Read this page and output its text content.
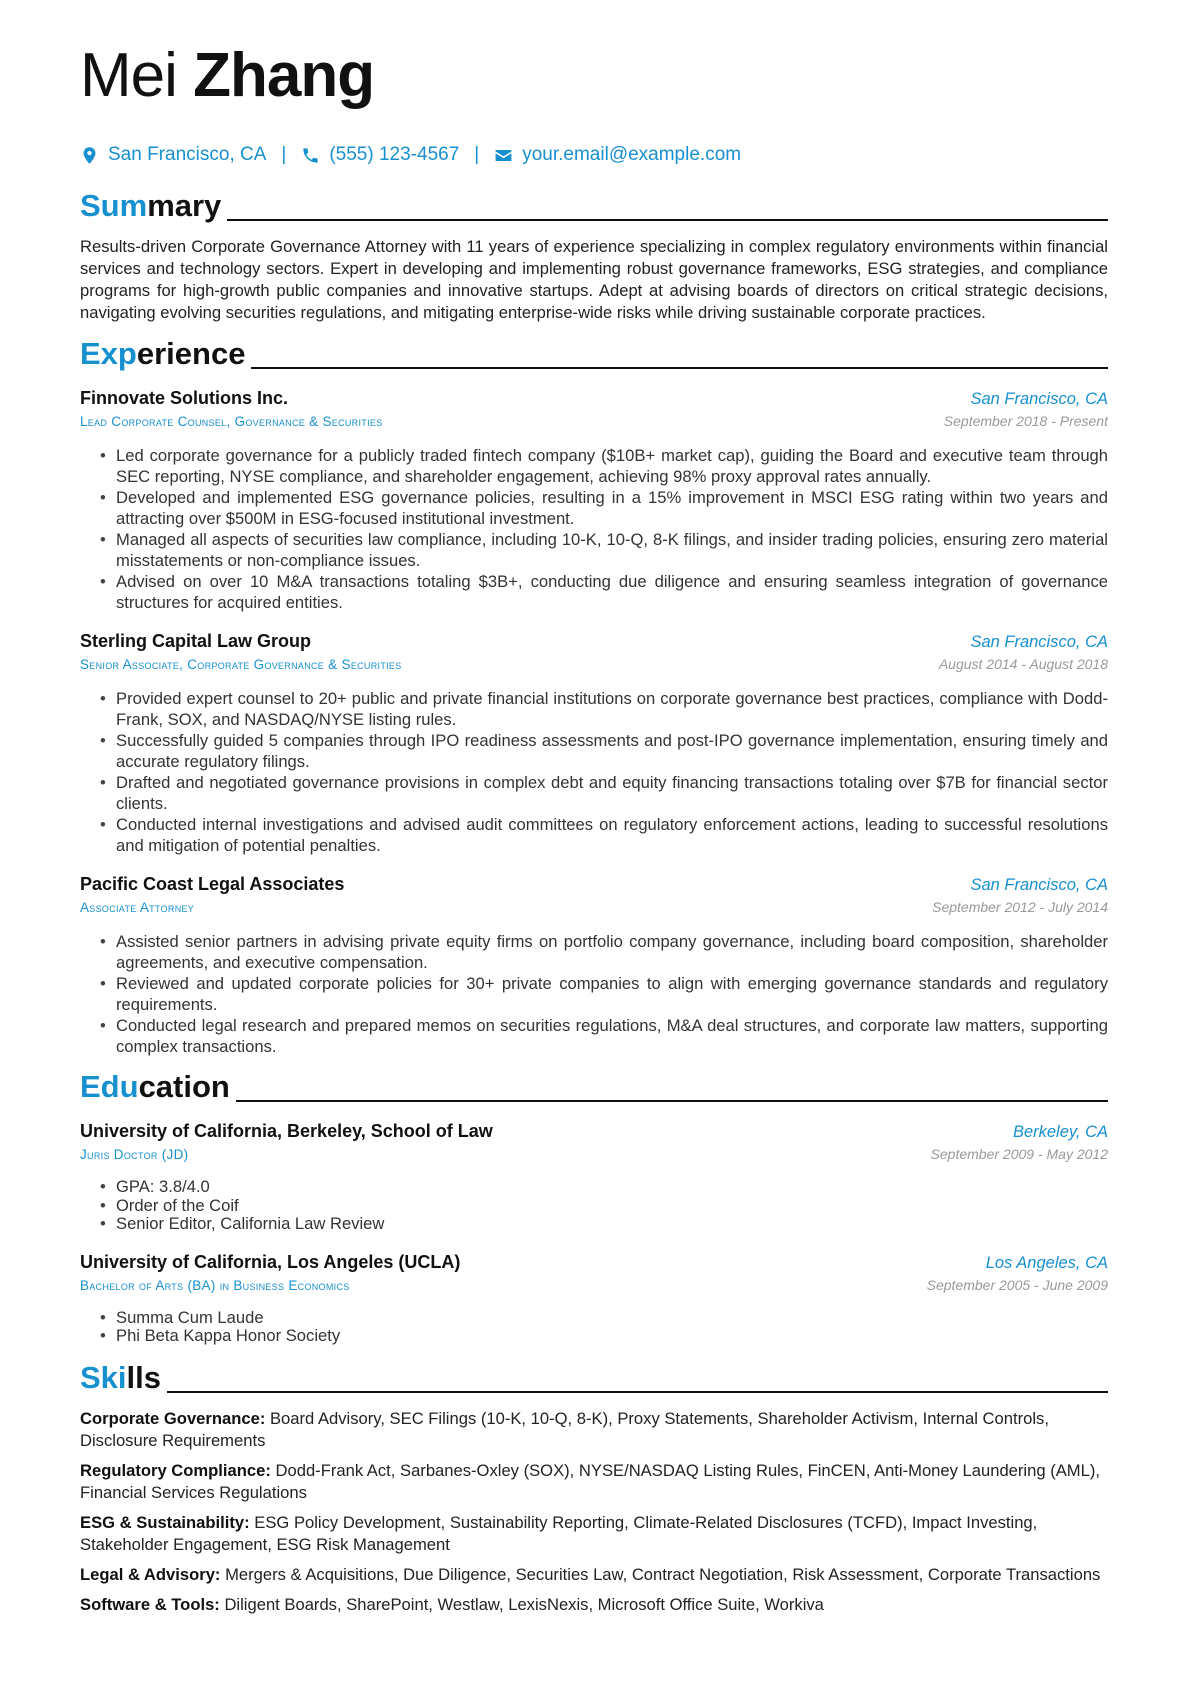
Mei Zhang
San Francisco, CA | (555) 123-4567 | your.email@example.com
Summary

Results-driven Corporate Governance Attorney with 11 years of experience specializing in complex regulatory environments within financial services and technology sectors. Expert in developing and implementing robust governance frameworks, ESG strategies, and compliance programs for high-growth public companies and innovative startups. Adept at advising boards of directors on critical strategic decisions, navigating evolving securities regulations, and mitigating enterprise-wide risks while driving sustainable corporate practices.

Experience
Finnovate Solutions Inc.	San Francisco, CA
Lead Corporate Counsel, Governance & Securities	September 2018 - Present
• Led corporate governance for a publicly traded fintech company ($10B+ market cap), guiding the Board and executive team through SEC reporting, NYSE compliance, and shareholder engagement, achieving 98% proxy approval rates annually.
• Developed and implemented ESG governance policies, resulting in a 15% improvement in MSCI ESG rating within two years and attracting over $500M in ESG-focused institutional investment.
• Managed all aspects of securities law compliance, including 10-K, 10-Q, 8-K filings, and insider trading policies, ensuring zero material misstatements or non-compliance issues.
• Advised on over 10 M&A transactions totaling $3B+, conducting due diligence and ensuring seamless integration of governance structures for acquired entities.
Sterling Capital Law Group	San Francisco, CA
Senior Associate, Corporate Governance & Securities	August 2014 - August 2018
• Provided expert counsel to 20+ public and private financial institutions on corporate governance best practices, compliance with Dodd-Frank, SOX, and NASDAQ/NYSE listing rules.
• Successfully guided 5 companies through IPO readiness assessments and post-IPO governance implementation, ensuring timely and accurate regulatory filings.
• Drafted and negotiated governance provisions in complex debt and equity financing transactions totaling over $7B for financial sector clients.
• Conducted internal investigations and advised audit committees on regulatory enforcement actions, leading to successful resolutions and mitigation of potential penalties.
Pacific Coast Legal Associates	San Francisco, CA
Associate Attorney	September 2012 - July 2014
• Assisted senior partners in advising private equity firms on portfolio company governance, including board composition, shareholder agreements, and executive compensation.
• Reviewed and updated corporate policies for 30+ private companies to align with emerging governance standards and regulatory requirements.
• Conducted legal research and prepared memos on securities regulations, M&A deal structures, and corporate law matters, supporting complex transactions.
Education
University of California, Berkeley, School of Law	Berkeley, CA
Juris Doctor (JD)	September 2009 - May 2012
• GPA: 3.8/4.0
• Order of the Coif
• Senior Editor, California Law Review
University of California, Los Angeles (UCLA)	Los Angeles, CA
Bachelor of Arts (BA) in Business Economics	September 2005 - June 2009
• Summa Cum Laude
• Phi Beta Kappa Honor Society
Skills
Corporate Governance: Board Advisory, SEC Filings (10-K, 10-Q, 8-K), Proxy Statements, Shareholder Activism, Internal Controls, Disclosure Requirements
Regulatory Compliance: Dodd-Frank Act, Sarbanes-Oxley (SOX), NYSE/NASDAQ Listing Rules, FinCEN, Anti-Money Laundering (AML), Financial Services Regulations
ESG & Sustainability: ESG Policy Development, Sustainability Reporting, Climate-Related Disclosures (TCFD), Impact Investing, Stakeholder Engagement, ESG Risk Management
Legal & Advisory: Mergers & Acquisitions, Due Diligence, Securities Law, Contract Negotiation, Risk Assessment, Corporate Transactions
Software & Tools: Diligent Boards, SharePoint, Westlaw, LexisNexis, Microsoft Office Suite, Workiva
